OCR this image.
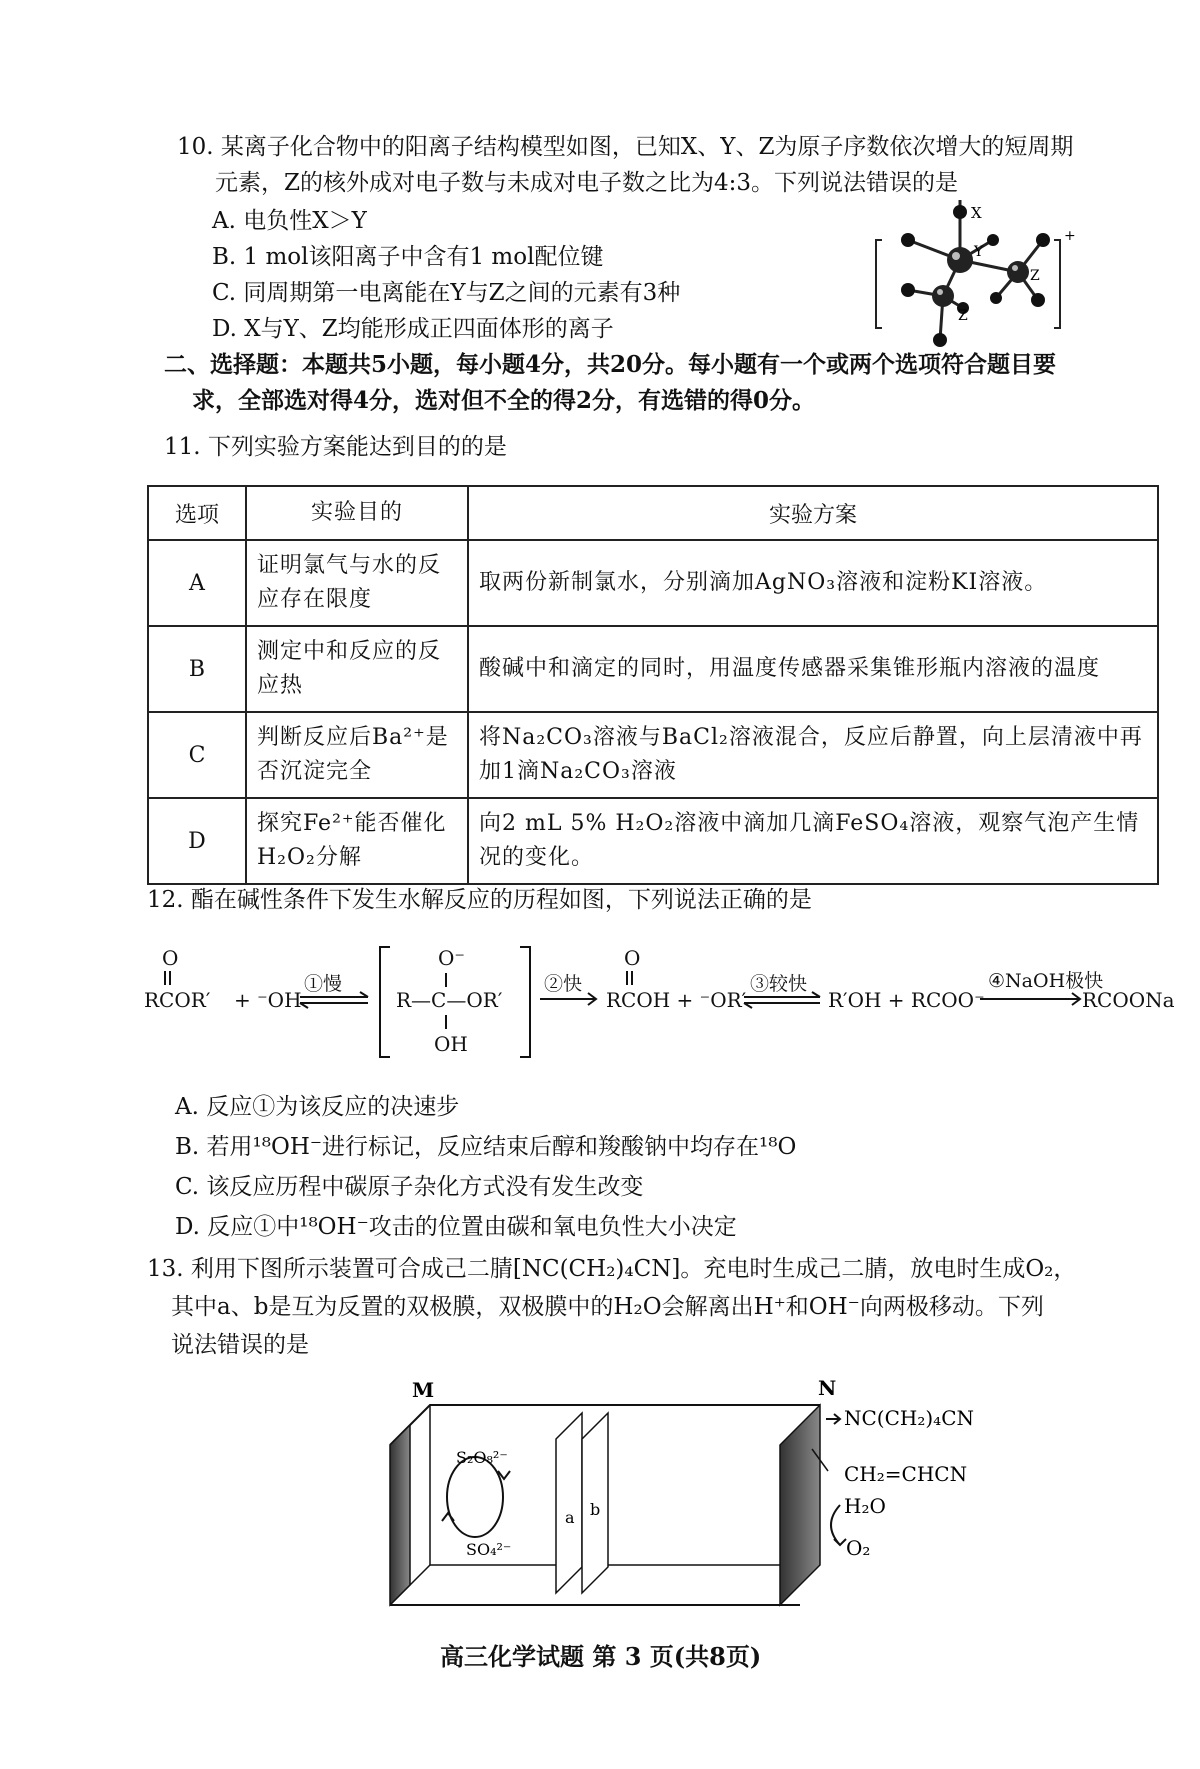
10. 某离子化合物中的阳离子结构模型如图，已知X、Y、Z为原子序数依次增大的短周期
元素，Z的核外成对电子数与未成对电子数之比为4:3。下列说法错误的是
A. 电负性X＞Y
B. 1 mol该阳离子中含有1 mol配位键
C. 同周期第一电离能在Y与Z之间的元素有3种
D. X与Y、Z均能形成正四面体形的离子
X
Y
Z
Z
+
二、选择题：本题共5小题，每小题4分，共20分。每小题有一个或两个选项符合题目要
求，全部选对得4分，选对但不全的得2分，有选错的得0分。
11. 下列实验方案能达到目的的是
选项	实验目的	实验方案
A	证明氯气与水的反应存在限度	取两份新制氯水，分别滴加AgNO₃溶液和淀粉KI溶液。
B	测定中和反应的反应热	酸碱中和滴定的同时，用温度传感器采集锥形瓶内溶液的温度
C	判断反应后Ba²⁺是否沉淀完全	将Na₂CO₃溶液与BaCl₂溶液混合，反应后静置，向上层清液中再加1滴Na₂CO₃溶液
D	探究Fe²⁺能否催化H₂O₂分解	向2 mL 5% H₂O₂溶液中滴加几滴FeSO₄溶液，观察气泡产生情况的变化。
12. 酯在碱性条件下发生水解反应的历程如图，下列说法正确的是
O
RCOR′ + ⁻OH
①慢
O⁻
R—C—OR′
OH
②快
O
RCOH + ⁻OR′
③较快
R′OH + RCOO⁻
④NaOH极快
RCOONa
A. 反应①为该反应的决速步
B. 若用¹⁸OH⁻进行标记，反应结束后醇和羧酸钠中均存在¹⁸O
C. 该反应历程中碳原子杂化方式没有发生改变
D. 反应①中¹⁸OH⁻攻击的位置由碳和氧电负性大小决定
13. 利用下图所示装置可合成己二腈[NC(CH₂)₄CN]。充电时生成己二腈，放电时生成O₂，
其中a、b是互为反置的双极膜，双极膜中的H₂O会解离出H⁺和OH⁻向两极移动。下列
说法错误的是
M	N
a b
S₂O₈²⁻
SO₄²⁻
NC(CH₂)₄CN
CH₂=CHCN
H₂O
O₂
高三化学试题 第 3 页(共8页)
